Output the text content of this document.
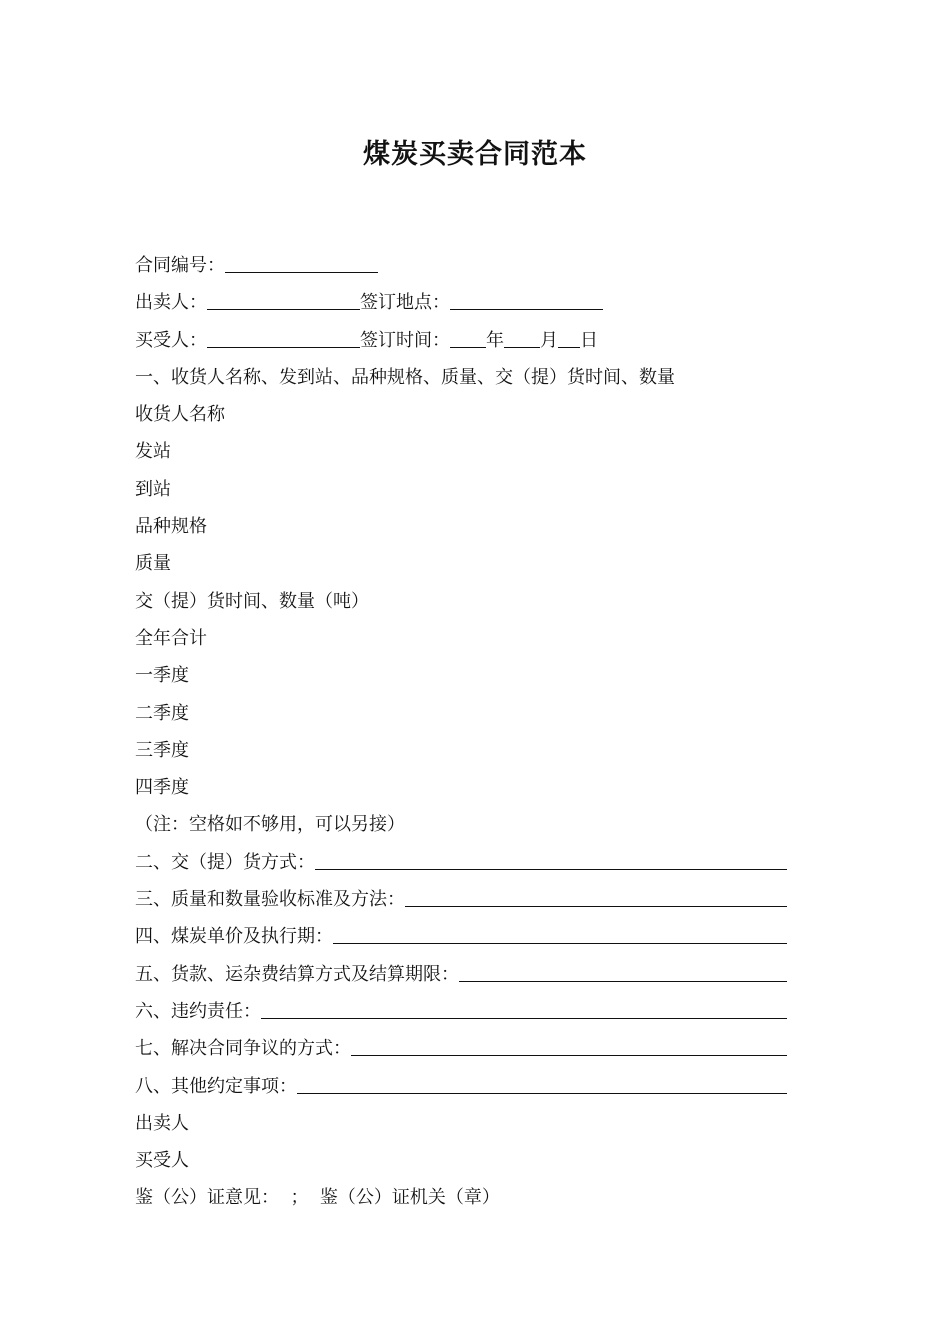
煤炭买卖合同范本
合同编号：
出卖人：	签订地点：
买受人：	签订时间： 年 月 日
一、收货人名称、发到站、品种规格、质量、交（提）货时间、数量
收货人名称
发站
到站
品种规格
质量
交（提）货时间、数量（吨）
全年合计
一季度
二季度
三季度
四季度
（注：空格如不够用，可以另接）
二、交（提）货方式：
三、质量和数量验收标准及方法：
四、煤炭单价及执行期：
五、货款、运杂费结算方式及结算期限：
六、违约责任：
七、解决合同争议的方式：
八、其他约定事项：
出卖人
买受人
鉴（公）证意见：  ；  鉴（公）证机关（章）
